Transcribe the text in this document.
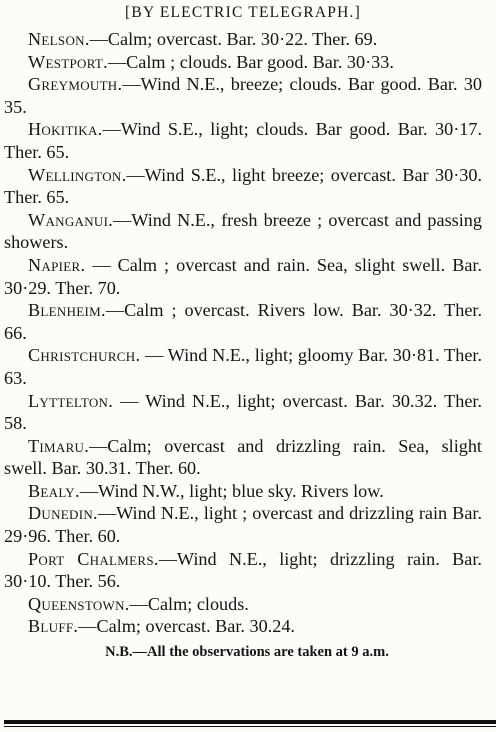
[BY ELECTRIC TELEGRAPH.]

Nelson.—Calm; overcast. Bar. 30·22. Ther. 69.

Westport.—Calm ; clouds. Bar good. Bar. 30·33.

Greymouth.—Wind N.E., breeze; clouds. Bar good. Bar. 30 35.

Hokitika.—Wind S.E., light; clouds. Bar good. Bar. 30·17. Ther. 65.

Wellington.—Wind S.E., light breeze; overcast. Bar 30·30. Ther. 65.

Wanganui.—Wind N.E., fresh breeze ; overcast and passing showers.

Napier. — Calm ; overcast and rain. Sea, slight swell. Bar. 30·29. Ther. 70.

Blenheim.—Calm ; overcast. Rivers low. Bar. 30·32. Ther. 66.

Christchurch. — Wind N.E., light; gloomy Bar. 30·81. Ther. 63.

Lyttelton. — Wind N.E., light; overcast. Bar. 30.32. Ther. 58.

Timaru.—Calm; overcast and drizzling rain. Sea, slight swell. Bar. 30.31. Ther. 60.

Bealy.—Wind N.W., light; blue sky. Rivers low.

Dunedin.—Wind N.E., light ; overcast and drizzling rain Bar. 29·96. Ther. 60.

Port Chalmers.—Wind N.E., light; drizzling rain. Bar. 30·10. Ther. 56.

Queenstown.—Calm; clouds.

Bluff.—Calm; overcast. Bar. 30.24.

N.B.—All the observations are taken at 9 a.m.
